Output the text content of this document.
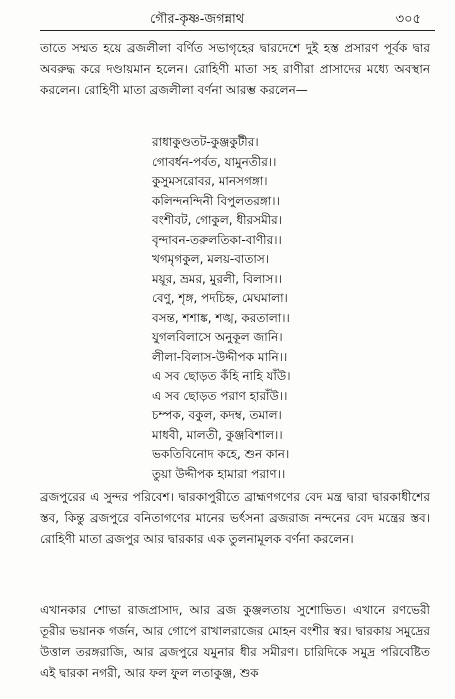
গৌর-কৃষ্ণ-জগন্নাথ	৩০৫

তাতে সম্মত হয়ে ব্রজলীলা বর্ণিত সভাগৃহের দ্বারদেশে দুই হস্ত প্রসারণ পূর্বক দ্বার অবরুদ্ধ করে দণ্ডায়মান হলেন। রোহিণী মাতা সহ রাণীরা প্রাসাদের মধ্যে অবস্থান করলেন। রোহিণী মাতা ব্রজলীলা বর্ণনা আরম্ভ করলেন—

রাধাকুণ্ডতট-কুঞ্জকুটীর।
গোবর্ধন-পর্বত, যামুনতীর।।
কুসুমসরোবর, মানসগঙ্গা।
কলিন্দনন্দিনী বিপুলতরঙ্গা।।
বংশীবট, গোকুল, ধীরসমীর।
বৃন্দাবন-তরুলতিকা-বাণীর।।
খগমৃগকুল, মলয়-বাতাস।
ময়ূর, ভ্রমর, মুরলী, বিলাস।।
বেণু, শৃঙ্গ, পদচিহ্ন, মেঘমালা।
বসন্ত, শশাঙ্ক, শঙ্খ, করতালা।।
যুগলবিলাসে অনুকূল জানি।
লীলা-বিলাস-উদ্দীপক মানি।।
এ সব ছোড়ত কঁহি নাহি যাঁউ।
এ সব ছোড়ত পরাণ হারাঁউ।।
চম্পক, বকুল, কদম্ব, তমাল।
মাধবী, মালতী, কুঞ্জবিশাল।।
ভকতিবিনোদ কহে, শুন কান।
তুয়া উদ্দীপক হামারা পরাণ।।

ব্রজপুরের এ সুন্দর পরিবেশ। দ্বারকাপুরীতে ব্রাহ্মণগণের বেদ মন্ত্র দ্বারা দ্বারকাধীশের স্তব, কিন্তু ব্রজপুরে বনিতাগণের মানের ভর্ৎসনা ব্রজরাজ নন্দনের বেদ মন্ত্রের স্তব। রোহিণী মাতা ব্রজপুর আর দ্বারকার এক তুলনামূলক বর্ণনা করলেন।

এখানকার শোভা রাজপ্রাসাদ, আর ব্রজ কুঞ্জলতায় সুশোভিত। এখানে রণভেরী তূরীর ভয়ানক গর্জন, আর গোপে রাখালরাজের মোহন বংশীর স্বর। দ্বারকায় সমুদ্রের উত্তাল তরঙ্গরাজি, আর ব্রজপুরে যমুনার ধীর সমীরণ। চারিদিকে সমুদ্র পরিবেষ্টিত এই দ্বারকা নগরী, আর ফল ফুল লতাকুঞ্জ, শুক
